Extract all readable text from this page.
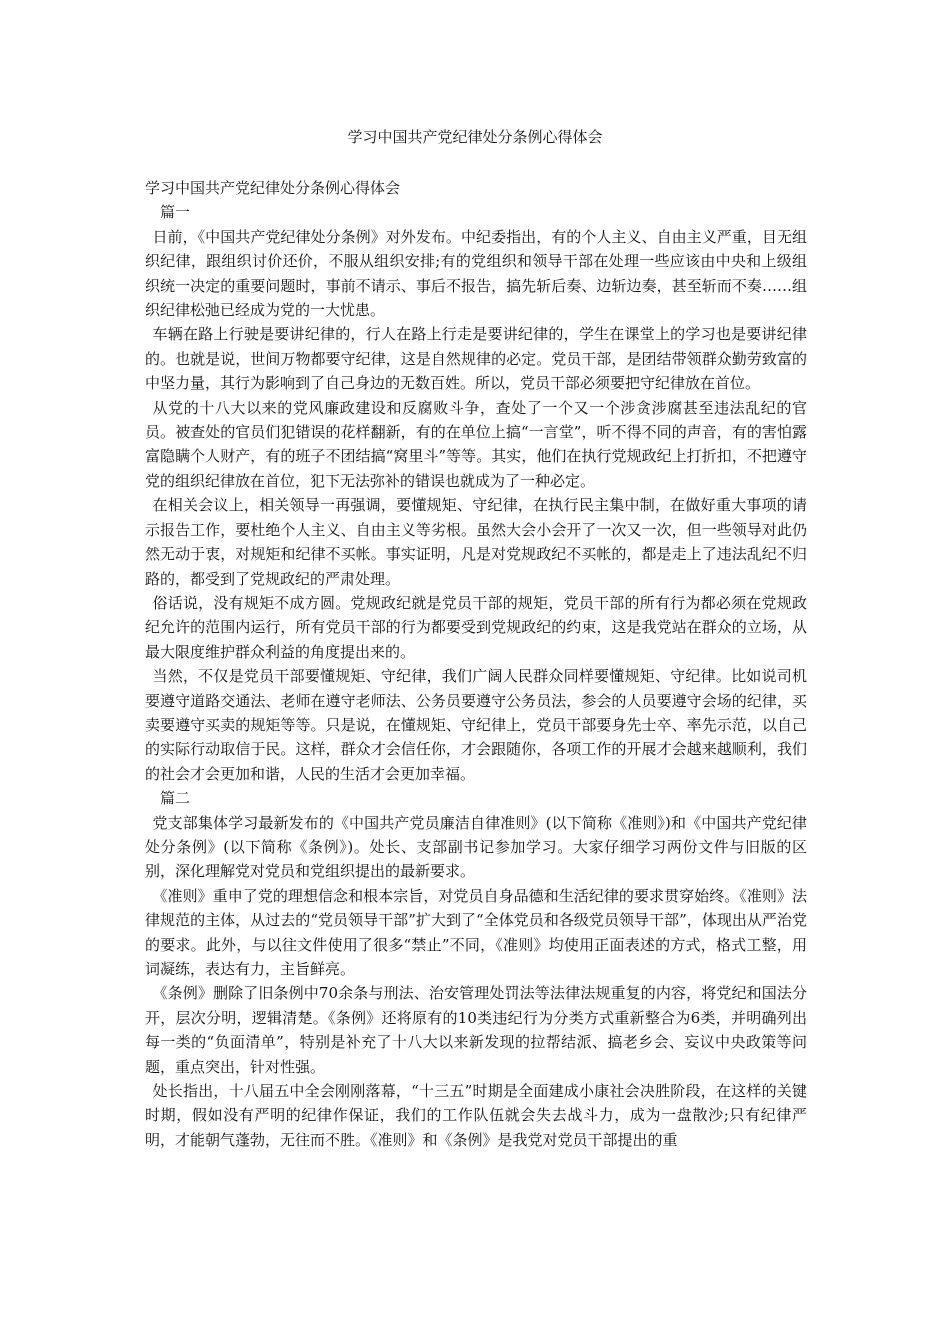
学习中国共产党纪律处分条例心得体会

学习中国共产党纪律处分条例心得体会

篇一

日前，《中国共产党纪律处分条例》对外发布。中纪委指出，有的个人主义、自由主义严重，目无组织纪律，跟组织讨价还价，不服从组织安排;有的党组织和领导干部在处理一些应该由中央和上级组织统一决定的重要问题时，事前不请示、事后不报告，搞先斩后奏、边斩边奏，甚至斩而不奏……组织纪律松弛已经成为党的一大忧患。

车辆在路上行驶是要讲纪律的，行人在路上行走是要讲纪律的，学生在课堂上的学习也是要讲纪律的。也就是说，世间万物都要守纪律，这是自然规律的必定。党员干部，是团结带领群众勤劳致富的中坚力量，其行为影响到了自己身边的无数百姓。所以，党员干部必须要把守纪律放在首位。

从党的十八大以来的党风廉政建设和反腐败斗争，查处了一个又一个涉贪涉腐甚至违法乱纪的官员。被查处的官员们犯错误的花样翻新，有的在单位上搞“一言堂”，听不得不同的声音，有的害怕露富隐瞒个人财产，有的班子不团结搞“窝里斗”等等。其实，他们在执行党规政纪上打折扣，不把遵守党的组织纪律放在首位，犯下无法弥补的错误也就成为了一种必定。

在相关会议上，相关领导一再强调，要懂规矩、守纪律，在执行民主集中制，在做好重大事项的请示报告工作，要杜绝个人主义、自由主义等劣根。虽然大会小会开了一次又一次，但一些领导对此仍然无动于衷，对规矩和纪律不买帐。事实证明，凡是对党规政纪不买帐的，都是走上了违法乱纪不归路的，都受到了党规政纪的严肃处理。

俗话说，没有规矩不成方圆。党规政纪就是党员干部的规矩，党员干部的所有行为都必须在党规政纪允许的范围内运行，所有党员干部的行为都要受到党规政纪的约束，这是我党站在群众的立场，从最大限度维护群众利益的角度提出来的。

当然，不仅是党员干部要懂规矩、守纪律，我们广阔人民群众同样要懂规矩、守纪律。比如说司机要遵守道路交通法、老师在遵守老师法、公务员要遵守公务员法，参会的人员要遵守会场的纪律，买卖要遵守买卖的规矩等等。只是说，在懂规矩、守纪律上，党员干部要身先士卒、率先示范，以自己的实际行动取信于民。这样，群众才会信任你，才会跟随你，各项工作的开展才会越来越顺利，我们的社会才会更加和谐，人民的生活才会更加幸福。

篇二

党支部集体学习最新发布的《中国共产党员廉洁自律准则》(以下简称《准则》)和《中国共产党纪律处分条例》(以下简称《条例》)。处长、支部副书记参加学习。大家仔细学习两份文件与旧版的区别，深化理解党对党员和党组织提出的最新要求。

《准则》重申了党的理想信念和根本宗旨，对党员自身品德和生活纪律的要求贯穿始终。《准则》法律规范的主体，从过去的“党员领导干部”扩大到了“全体党员和各级党员领导干部”，体现出从严治党的要求。此外，与以往文件使用了很多“禁止”不同，《准则》均使用正面表述的方式，格式工整，用词凝练，表达有力，主旨鲜亮。

《条例》删除了旧条例中70余条与刑法、治安管理处罚法等法律法规重复的内容，将党纪和国法分开，层次分明，逻辑清楚。《条例》还将原有的10类违纪行为分类方式重新整合为6类，并明确列出每一类的“负面清单”，特别是补充了十八大以来新发现的拉帮结派、搞老乡会、妄议中央政策等问题，重点突出，针对性强。

处长指出，十八届五中全会刚刚落幕，“十三五”时期是全面建成小康社会决胜阶段，在这样的关键时期，假如没有严明的纪律作保证，我们的工作队伍就会失去战斗力，成为一盘散沙;只有纪律严明，才能朝气蓬勃，无往而不胜。《准则》和《条例》是我党对党员干部提出的重
